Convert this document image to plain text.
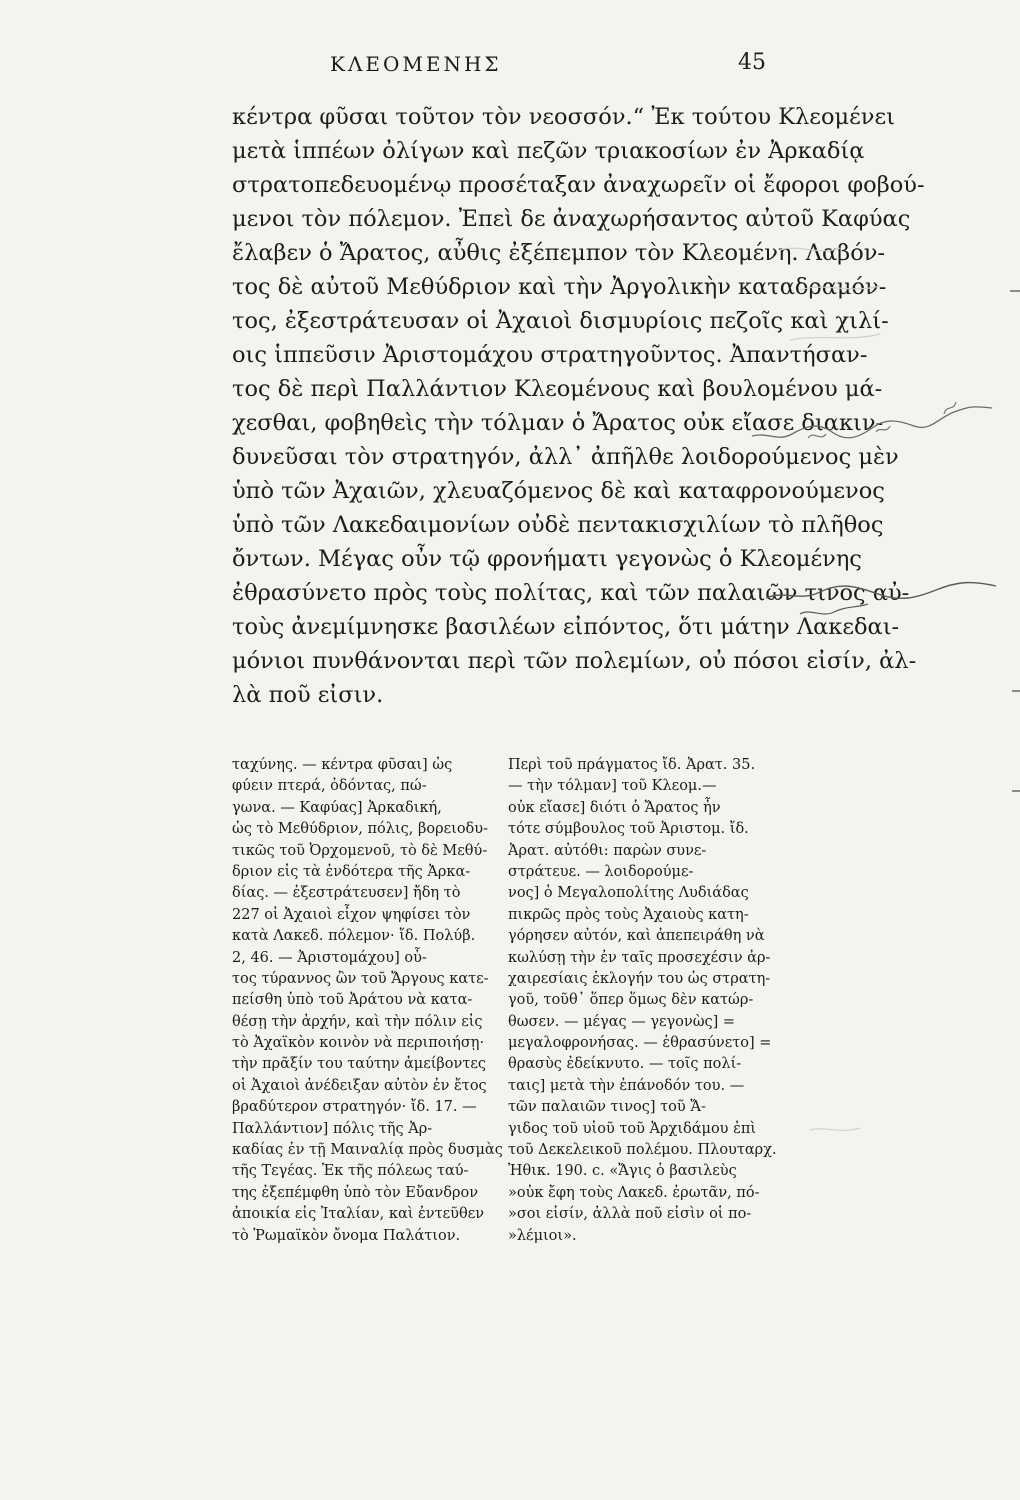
ΚΛΕΟΜΕΝΗΣ	45
κέντρα φῦσαι τοῦτον τὸν νεοσσόν.“ Ἐκ τούτου Κλεομένει
μετὰ ἱππέων ὀλίγων καὶ πεζῶν τριακοσίων ἐν Ἀρκαδίᾳ
στρατοπεδευομένῳ προσέταξαν ἀναχωρεῖν οἱ ἔφοροι φοβού-
μενοι τὸν πόλεμον. Ἐπεὶ δε ἀναχωρήσαντος αὐτοῦ Καφύας
ἔλαβεν ὁ Ἄρατος, αὖθις ἐξέπεμπον τὸν Κλεομένη. Λαβόν-
τος δὲ αὐτοῦ Μεθύδριον καὶ τὴν Ἀργολικὴν καταδραμόν-
τος, ἐξεστράτευσαν οἱ Ἀχαιοὶ δισμυρίοις πεζοῖς καὶ χιλί-
οις ἱππεῦσιν Ἀριστομάχου στρατηγοῦντος. Ἀπαντήσαν-
τος δὲ περὶ Παλλάντιον Κλεομένους καὶ βουλομένου μά-
χεσθαι, φοβηθεὶς τὴν τόλμαν ὁ Ἄρατος οὐκ εἴασε διακιν-
δυνεῦσαι τὸν στρατηγόν, ἀλλ᾽ ἀπῆλθε λοιδορούμενος μὲν
ὑπὸ τῶν Ἀχαιῶν, χλευαζόμενος δὲ καὶ καταφρονούμενος
ὑπὸ τῶν Λακεδαιμονίων οὐδὲ πεντακισχιλίων τὸ πλῆθος
ὄντων. Μέγας οὖν τῷ φρονήματι γεγονὼς ὁ Κλεομένης
ἐθρασύνετο πρὸς τοὺς πολίτας, καὶ τῶν παλαιῶν τινος αὐ-
τοὺς ἀνεμίμνησκε βασιλέων εἰπόντος, ὅτι μάτην Λακεδαι-
μόνιοι πυνθάνονται περὶ τῶν πολεμίων, οὐ πόσοι εἰσίν, ἀλ-
λὰ ποῦ εἰσιν.
ταχύνης. — κέντρα φῦσαι] ὡς
φύειν πτερά, ὀδόντας, πώ-
γωνα. — Καφύας] Ἀρκαδική,
ὡς τὸ Μεθύδριον, πόλις, βορειοδυ-
τικῶς τοῦ Ὀρχομενοῦ, τὸ δὲ Μεθύ-
δριον εἰς τὰ ἐνδότερα τῆς Ἀρκα-
δίας. — ἐξεστράτευσεν] ἤδη τὸ
227 οἱ Ἀχαιοὶ εἶχον ψηφίσει τὸν
κατὰ Λακεδ. πόλεμον· ἴδ. Πολύβ.
2, 46. — Ἀριστομάχου] οὗ-
τος τύραννος ὢν τοῦ Ἄργους κατε-
πείσθη ὑπὸ τοῦ Ἀράτου νὰ κατα-
θέσῃ τὴν ἀρχήν, καὶ τὴν πόλιν εἰς
τὸ Ἀχαϊκὸν κοινὸν νὰ περιποιήσῃ·
τὴν πρᾶξίν του ταύτην ἀμείβοντες
οἱ Ἀχαιοὶ ἀνέδειξαν αὐτὸν ἐν ἔτος
βραδύτερον στρατηγόν· ἴδ. 17. —
Παλλάντιον] πόλις τῆς Ἀρ-
καδίας ἐν τῇ Μαιναλίᾳ πρὸς δυσμὰς
τῆς Τεγέας. Ἐκ τῆς πόλεως ταύ-
της ἐξεπέμφθη ὑπὸ τὸν Εὔανδρον
ἀποικία εἰς Ἰταλίαν, καὶ ἐντεῦθεν
τὸ Ῥωμαϊκὸν ὄνομα Παλάτιον.
Περὶ τοῦ πράγματος ἴδ. Ἀρατ. 35.
— τὴν τόλμαν] τοῦ Κλεομ.—
οὐκ εἴασε] διότι ὁ Ἄρατος ἦν
τότε σύμβουλος τοῦ Ἀριστομ. ἴδ.
Ἀρατ. αὐτόθι: παρὼν συνε-
στράτευε. — λοιδορούμε-
νος] ὁ Μεγαλοπολίτης Λυδιάδας
πικρῶς πρὸς τοὺς Ἀχαιοὺς κατη-
γόρησεν αὐτόν, καὶ ἀπεπειράθη νὰ
κωλύσῃ τὴν ἐν ταῖς προσεχέσιν ἀρ-
χαιρεσίαις ἐκλογήν του ὡς στρατη-
γοῦ, τοῦθ᾽ ὅπερ ὅμως δὲν κατώρ-
θωσεν. — μέγας — γεγονὼς] =
μεγαλοφρονήσας. — ἐθρασύνετο] =
θρασὺς ἐδείκνυτο. — τοῖς πολί-
ταις] μετὰ τὴν ἐπάνοδόν του. —
τῶν παλαιῶν τινος] τοῦ Ἄ-
γιδος τοῦ υἱοῦ τοῦ Ἀρχιδάμου ἐπὶ
τοῦ Δεκελεικοῦ πολέμου. Πλουταρχ.
Ἠθικ. 190. c. «Ἄγις ὁ βασιλεὺς
»οὐκ ἔφη τοὺς Λακεδ. ἐρωτᾶν, πό-
»σοι εἰσίν, ἀλλὰ ποῦ εἰσὶν οἱ πο-
»λέμιοι».
